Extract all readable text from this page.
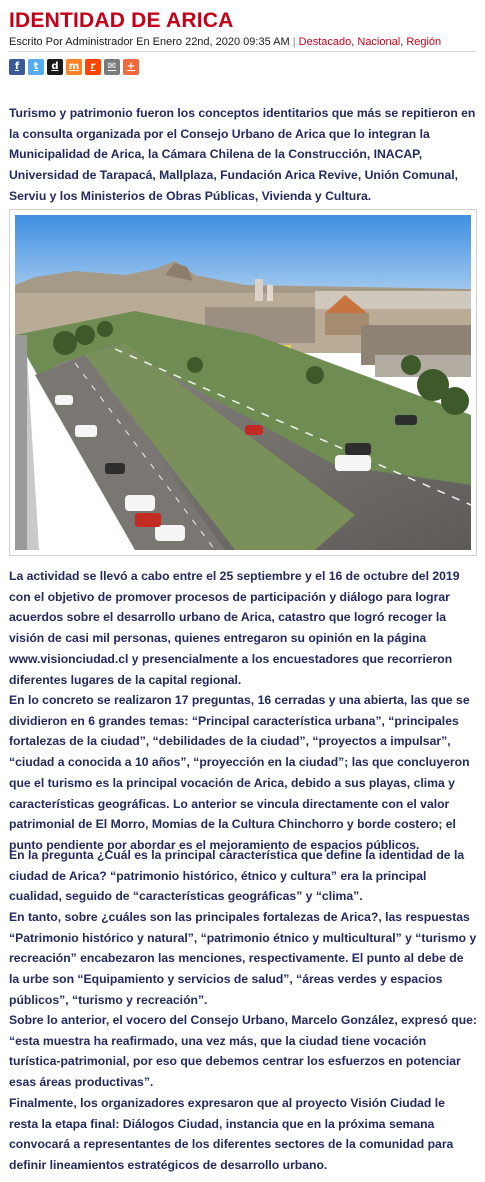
IDENTIDAD DE ARICA
Escrito Por Administrador En Enero 22nd, 2020 09:35 AM | Destacado, Nacional, Región
f	t	d	m	r	✉	+

Turismo y patrimonio fueron los conceptos identitarios que más se repitieron en la consulta organizada por el Consejo Urbano de Arica que lo integran la Municipalidad de Arica, la Cámara Chilena de la Construcción, INACAP, Universidad de Tarapacá, Mallplaza, Fundación Arica Revive, Unión Comunal, Serviu y los Ministerios de Obras Públicas, Vivienda y Cultura.

La actividad se llevó a cabo entre el 25 septiembre y el 16 de octubre del 2019 con el objetivo de promover procesos de participación y diálogo para lograr acuerdos sobre el desarrollo urbano de Arica, catastro que logró recoger la visión de casi mil personas, quienes entregaron su opinión en la página www.visionciudad.cl y presencialmente a los encuestadores que recorrieron diferentes lugares de la capital regional.

En lo concreto se realizaron 17 preguntas, 16 cerradas y una abierta, las que se dividieron en 6 grandes temas: “Principal característica urbana”, “principales fortalezas de la ciudad”, “debilidades de la ciudad”, “proyectos a impulsar”, “ciudad a conocida a 10 años”, “proyección en la ciudad”; las que concluyeron que el turismo es la principal vocación de Arica, debido a sus playas, clima y características geográficas. Lo anterior se vincula directamente con el valor patrimonial de El Morro, Momias de la Cultura Chinchorro y borde costero; el punto pendiente por abordar es el mejoramiento de espacios públicos.

En la pregunta ¿Cuál es la principal característica que define la identidad de la ciudad de Arica? “patrimonio histórico, étnico y cultura” era la principal cualidad, seguido de “características geográficas” y “clima”.

En tanto, sobre ¿cuáles son las principales fortalezas de Arica?, las respuestas “Patrimonio histórico y natural”, “patrimonio étnico y multicultural” y “turismo y recreación” encabezaron las menciones, respectivamente. El punto al debe de la urbe son “Equipamiento y servicios de salud”, “áreas verdes y espacios públicos”, “turismo y recreación”.

Sobre lo anterior, el vocero del Consejo Urbano, Marcelo González, expresó que: “esta muestra ha reafirmado, una vez más, que la ciudad tiene vocación turística-patrimonial, por eso que debemos centrar los esfuerzos en potenciar esas áreas productivas”.

Finalmente, los organizadores expresaron que al proyecto Visión Ciudad le resta la etapa final: Diálogos Ciudad, instancia que en la próxima semana convocará a representantes de los diferentes sectores de la comunidad para definir lineamientos estratégicos de desarrollo urbano.
